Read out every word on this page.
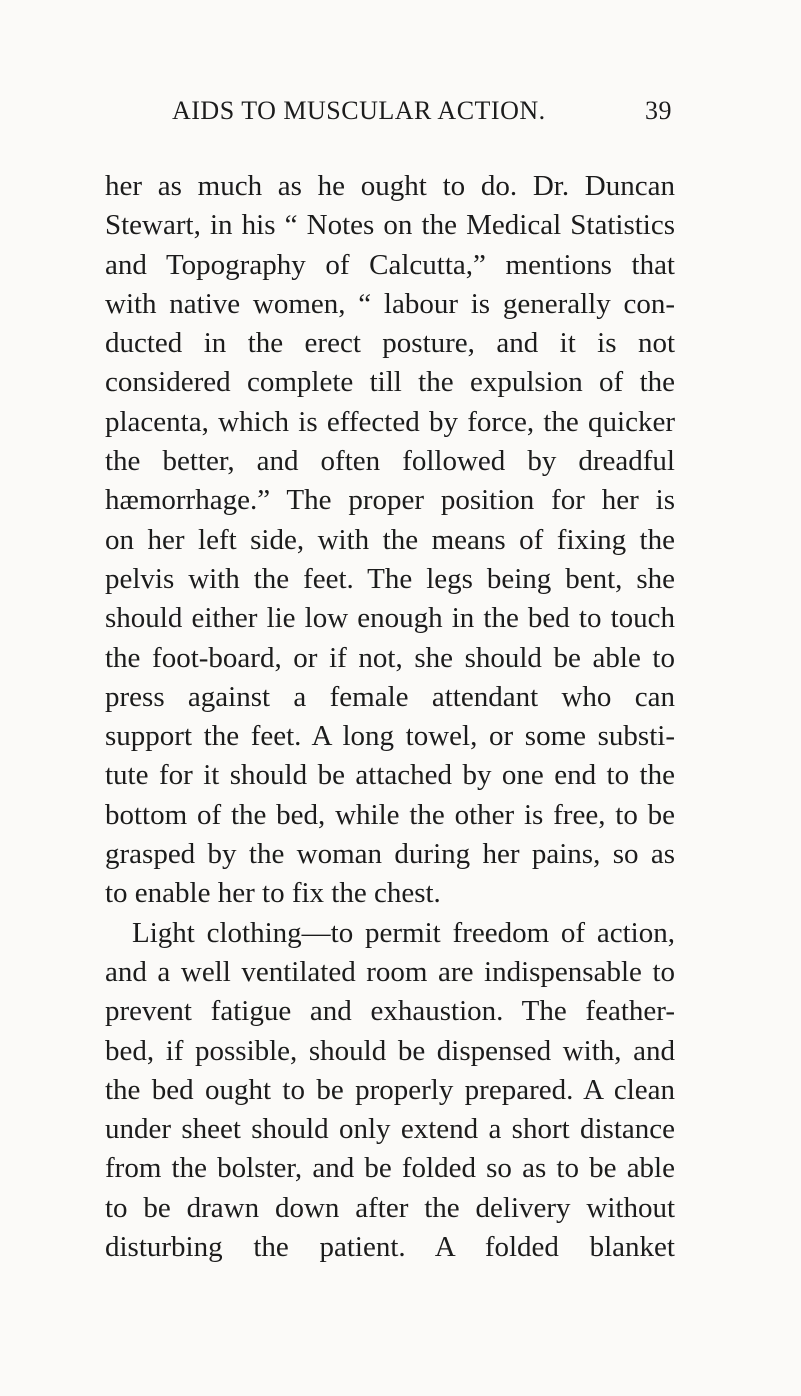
AIDS TO MUSCULAR ACTION.	39
her as much as he ought to do. Dr. Duncan
Stewart, in his “ Notes on the Medical Statistics
and Topography of Calcutta,” mentions that
with native women, “ labour is generally con-
ducted in the erect posture, and it is not
considered complete till the expulsion of the
placenta, which is effected by force, the quicker
the better, and often followed by dreadful
hæmorrhage.” The proper position for her is
on her left side, with the means of fixing the
pelvis with the feet. The legs being bent, she
should either lie low enough in the bed to touch
the foot-board, or if not, she should be able to
press against a female attendant who can
support the feet. A long towel, or some substi-
tute for it should be attached by one end to the
bottom of the bed, while the other is free, to be
grasped by the woman during her pains, so as
to enable her to fix the chest.
Light clothing—to permit freedom of action,
and a well ventilated room are indispensable to
prevent fatigue and exhaustion. The feather-
bed, if possible, should be dispensed with, and
the bed ought to be properly prepared. A clean
under sheet should only extend a short distance
from the bolster, and be folded so as to be able
to be drawn down after the delivery without
disturbing the patient. A folded blanket
